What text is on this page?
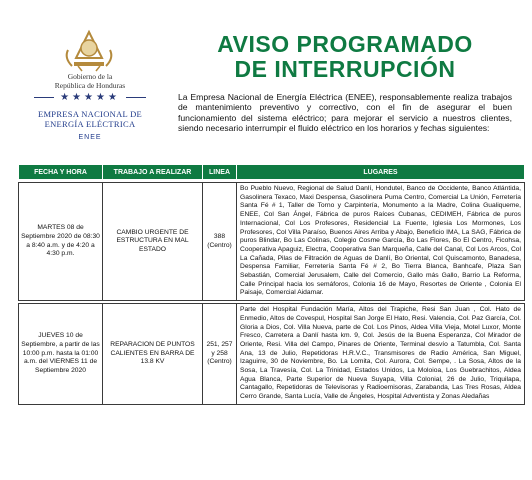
Gobierno de la
República de Honduras
★★★★★
EMPRESA NACIONAL DE
ENERGÍA ELÉCTRICA
ENEE
AVISO PROGRAMADO
DE INTERRUPCIÓN
La Empresa Nacional de Energía Eléctrica (ENEE), responsablemente realiza trabajos de mantenimiento preventivo y correctivo, con el fin de asegurar el buen funcionamiento del sistema eléctrico; para mejorar el servicio a nuestros clientes, siendo necesario interrumpir el fluido eléctrico en los horarios y fechas siguientes:
FECHA Y HORA	TRABAJO A REALIZAR	LINEA	LUGARES

MARTES 08 de Septiembre 2020 de 08:30 a 8:40 a.m. y de 4:20 a 4:30 p.m.	CAMBIO URGENTE DE ESTRUCTURA EN MAL ESTADO	388 (Centro)	Bo Pueblo Nuevo, Regional de Salud Danlí, Hondutel, Banco de Occidente, Banco Atlántida, Gasolinera Texaco, Maxi Despensa, Gasolinera Puma Centro, Comercial La Unión, Ferretería Santa Fé # 1, Taller de Torno y Carpintería, Monumento a la Madre, Colina Gualiqueme, ENEE, Col San Ángel, Fábrica de puros Raíces Cubanas, CEDIMEH, Fábrica de puros Internacional, Col Los Profesores, Residencial La Fuente, Iglesia Los Mormones, Los Profesores, Col Villa Paraíso, Buenos Aires Arriba y Abajo, Beneficio IMA, La SAG, Fábrica de puros Blindar, Bo Las Colinas, Colegio Cosme García, Bo Las Flores, Bo El Centro, Ficohsa, Cooperativa Apaguiz, Electra, Cooperativa San Marqueña, Calle del Canal, Col Los Arcos, Col La Cañada, Pilas de Filtración de Aguas de Danlí, Bo Oriental, Col Quiscamonto, Banadesa, Despensa Familiar, Ferretería Santa Fé # 2, Bo Tierra Blanca, Banhcafe, Plaza San Sebastián, Comercial Jerusalem, Calle del Comercio, Gallo más Gallo, Barrio La Reforma, Calle Principal hacia los semáforos, Colonia 16 de Mayo, Resortes de Oriente , Colonia El Paisaje, Comercial Aidamar.

JUEVES 10 de Septiembre, a partir de las 10:00 p.m. hasta la 01:00 a.m. del VIERNES 11 de Septiembre 2020	REPARACION DE PUNTOS CALIENTES EN BARRA DE 13.8 KV	251, 257 y 258 (Centro)	Parte del Hospital Fundación María, Altos del Trapiche, Resi San Juan , Col. Hato de Enmedio, Altos de Covespul, Hospital San Jorge El Hato, Resi. Valencia, Col. Paz García, Col. Gloria a Dios, Col. Villa Nueva, parte de Col. Los Pinos, Aldea Villa Vieja, Motel Luxor, Monte Fresco, Carretera a Danlí hasta km. 9, Col. Jesús de la Buena Esperanza, Col Mirador de Oriente, Resi. Villa del Campo, Pinares de Oriente, Terminal desvío a Tatumbla, Col. Santa Ana, 13 de Julio, Repetidoras H.R.V.C., Transmisores de Radio América, San Miguel, Izaguirre, 30 de Noviembre, Bo. La Lomita, Col. Aurora, Col. Sempe, . La Sosa, Altos de la Sosa, La Travesía, Col. La Trinidad, Estados Unidos, La Moloioa, Los Guebrachitos, Aldea Agua Blanca, Parte Superior de Nueva Suyapa, Villa Colonial, 26 de Julio, Triquilapa, Cantagallo, Repetidoras de Televisoras y Radioemisoras, Zarabanda, Las Tres Rosas, Aldea Cerro Grande, Santa Lucía, Valle de Ángeles, Hospital Adventista y Zonas Aledañas
